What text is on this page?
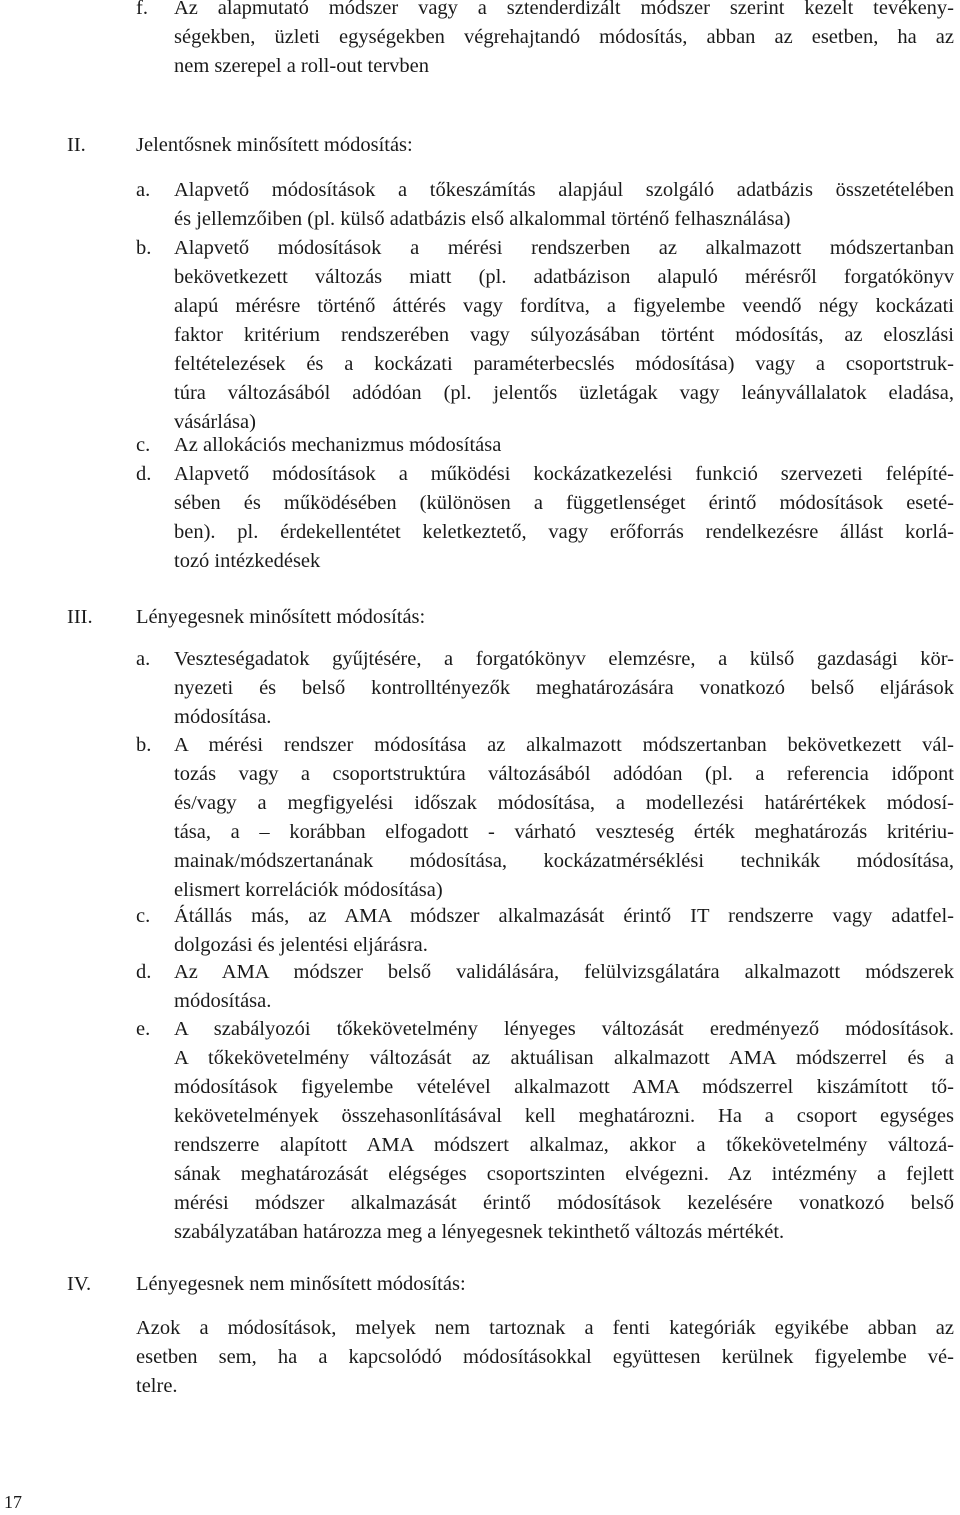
f. Az alapmutató módszer vagy a sztenderdizált módszer szerint kezelt tevékeny-
ségekben, üzleti egységekben végrehajtandó módosítás, abban az esetben, ha az
nem szerepel a roll-out tervben
II. Jelentősnek minősített módosítás:
a. Alapvető módosítások a tőkeszámítás alapjául szolgáló adatbázis összetételében
és jellemzőiben (pl. külső adatbázis első alkalommal történő felhasználása)
b. Alapvető módosítások a mérési rendszerben az alkalmazott módszertanban
bekövetkezett változás miatt (pl. adatbázison alapuló mérésről forgatókönyv
alapú mérésre történő áttérés vagy fordítva, a figyelembe veendő négy kockázati
faktor kritérium rendszerében vagy súlyozásában történt módosítás, az eloszlási
feltételezések és a kockázati paraméterbecslés módosítása) vagy a csoportstruk-
túra változásából adódóan (pl. jelentős üzletágak vagy leányvállalatok eladása,
vásárlása)
c. Az allokációs mechanizmus módosítása
d. Alapvető módosítások a működési kockázatkezelési funkció szervezeti felépíté-
sében és működésében (különösen a függetlenséget érintő módosítások eseté-
ben). pl. érdekellentétet keletkeztető, vagy erőforrás rendelkezésre állást korlá-
tozó intézkedések
III. Lényegesnek minősített módosítás:
a. Veszteségadatok gyűjtésére, a forgatókönyv elemzésre, a külső gazdasági kör-
nyezeti és belső kontrolltényezők meghatározására vonatkozó belső eljárások
módosítása.
b. A mérési rendszer módosítása az alkalmazott módszertanban bekövetkezett vál-
tozás vagy a csoportstruktúra változásából adódóan (pl. a referencia időpont
és/vagy a megfigyelési időszak módosítása, a modellezési határértékek módosí-
tása, a – korábban elfogadott - várható veszteség érték meghatározás kritériu-
mainak/módszertanának módosítása, kockázatmérséklési technikák módosítása,
elismert korrelációk módosítása)
c. Átállás más, az AMA módszer alkalmazását érintő IT rendszerre vagy adatfel-
dolgozási és jelentési eljárásra.
d. Az AMA módszer belső validálására, felülvizsgálatára alkalmazott módszerek
módosítása.
e. A szabályozói tőkekövetelmény lényeges változását eredményező módosítások.
A tőkekövetelmény változását az aktuálisan alkalmazott AMA módszerrel és a
módosítások figyelembe vételével alkalmazott AMA módszerrel kiszámított tő-
kekövetelmények összehasonlításával kell meghatározni. Ha a csoport egységes
rendszerre alapított AMA módszert alkalmaz, akkor a tőkekövetelmény változá-
sának meghatározását elégséges csoportszinten elvégezni. Az intézmény a fejlett
mérési módszer alkalmazását érintő módosítások kezelésére vonatkozó belső
szabályzatában határozza meg a lényegesnek tekinthető változás mértékét.
IV. Lényegesnek nem minősített módosítás:
Azok a módosítások, melyek nem tartoznak a fenti kategóriák egyikébe abban az
esetben sem, ha a kapcsolódó módosításokkal együttesen kerülnek figyelembe vé-
telre.
17
